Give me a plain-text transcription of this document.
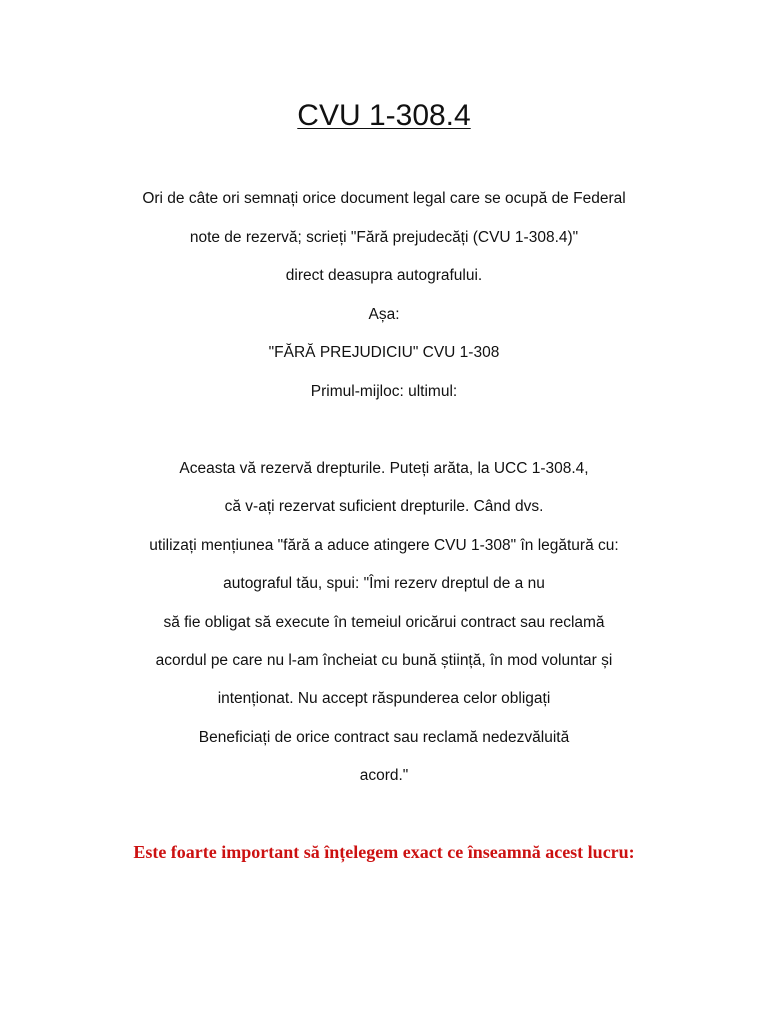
CVU 1-308.4
Ori de câte ori semnați orice document legal care se ocupă de Federal
note de rezervă; scrieți "Fără prejudecăți (CVU 1-308.4)"
direct deasupra autografului.
Așa:
"FĂRĂ PREJUDICIU" CVU 1-308
Primul-mijloc: ultimul:
Aceasta vă rezervă drepturile. Puteți arăta, la UCC 1-308.4,
că v-ați rezervat suficient drepturile. Când dvs.
utilizați mențiunea "fără a aduce atingere CVU 1-308" în legătură cu:
autograful tău, spui: "Îmi rezerv dreptul de a nu
să fie obligat să execute în temeiul oricărui contract sau reclamă
acordul pe care nu l-am încheiat cu bună știință, în mod voluntar și
intenționat. Nu accept răspunderea celor obligați
Beneficiați de orice contract sau reclamă nedezvăluită
acord."
Este foarte important să înțelegem exact ce înseamnă acest lucru:
